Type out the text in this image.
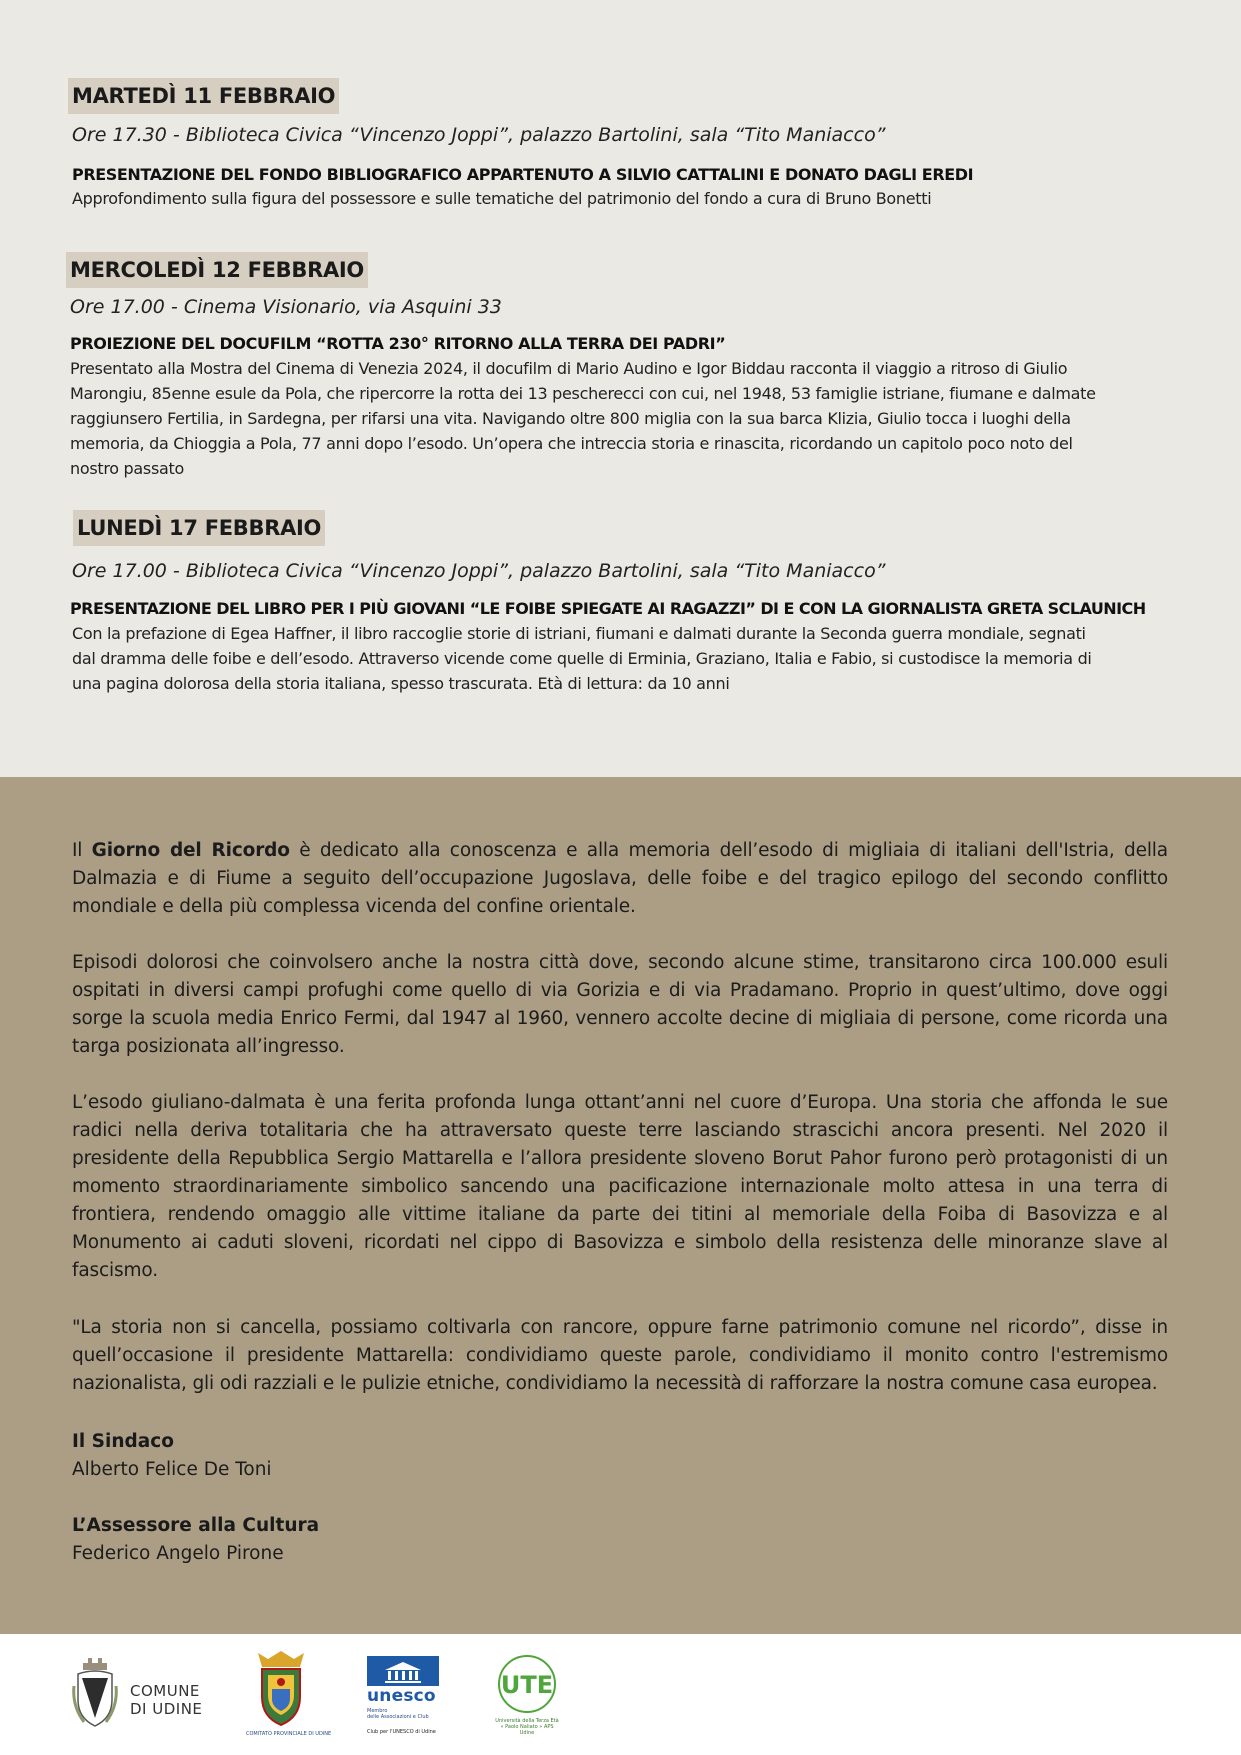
MARTEDÌ 11 FEBBRAIO
Ore 17.30 - Biblioteca Civica “Vincenzo Joppi”, palazzo Bartolini, sala “Tito Maniacco”
PRESENTAZIONE DEL FONDO BIBLIOGRAFICO APPARTENUTO A SILVIO CATTALINI E DONATO DAGLI EREDI
Approfondimento sulla figura del possessore e sulle tematiche del patrimonio del fondo a cura di Bruno Bonetti
MERCOLEDÌ 12 FEBBRAIO
Ore 17.00 - Cinema Visionario, via Asquini 33
PROIEZIONE DEL DOCUFILM “ROTTA 230° RITORNO ALLA TERRA DEI PADRI”
Presentato alla Mostra del Cinema di Venezia 2024, il docufilm di Mario Audino e Igor Biddau racconta il viaggio a ritroso di Giulio
Marongiu, 85enne esule da Pola, che ripercorre la rotta dei 13 pescherecci con cui, nel 1948, 53 famiglie istriane, fiumane e dalmate
raggiunsero Fertilia, in Sardegna, per rifarsi una vita. Navigando oltre 800 miglia con la sua barca Klizia, Giulio tocca i luoghi della
memoria, da Chioggia a Pola, 77 anni dopo l’esodo. Un’opera che intreccia storia e rinascita, ricordando un capitolo poco noto del
nostro passato
LUNEDÌ 17 FEBBRAIO
Ore 17.00 - Biblioteca Civica “Vincenzo Joppi”, palazzo Bartolini, sala “Tito Maniacco”
PRESENTAZIONE DEL LIBRO PER I PIÙ GIOVANI “LE FOIBE SPIEGATE AI RAGAZZI” DI E CON LA GIORNALISTA GRETA SCLAUNICH
Con la prefazione di Egea Haffner, il libro raccoglie storie di istriani, fiumani e dalmati durante la Seconda guerra mondiale, segnati
dal dramma delle foibe e dell’esodo. Attraverso vicende come quelle di Erminia, Graziano, Italia e Fabio, si custodisce la memoria di
una pagina dolorosa della storia italiana, spesso trascurata. Età di lettura: da 10 anni
Il Giorno del Ricordo è dedicato alla conoscenza e alla memoria dell’esodo di migliaia di italiani dell'Istria, della Dalmazia e di Fiume a seguito dell’occupazione Jugoslava, delle foibe e del tragico epilogo del secondo conflitto mondiale e della più complessa vicenda del confine orientale.
Episodi dolorosi che coinvolsero anche la nostra città dove, secondo alcune stime, transitarono circa 100.000 esuli ospitati in diversi campi profughi come quello di via Gorizia e di via Pradamano. Proprio in quest’ultimo, dove oggi sorge la scuola media Enrico Fermi, dal 1947 al 1960, vennero accolte decine di migliaia di persone, come ricorda una targa posizionata all’ingresso.
L’esodo giuliano-dalmata è una ferita profonda lunga ottant’anni nel cuore d’Europa. Una storia che affonda le sue radici nella deriva totalitaria che ha attraversato queste terre lasciando strascichi ancora presenti. Nel 2020 il presidente della Repubblica Sergio Mattarella e l’allora presidente sloveno Borut Pahor furono però protagonisti di un momento straordinariamente simbolico sancendo una pacificazione internazionale molto attesa in una terra di frontiera, rendendo omaggio alle vittime italiane da parte dei titini al memoriale della Foiba di Basovizza e al Monumento ai caduti sloveni, ricordati nel cippo di Basovizza e simbolo della resistenza delle minoranze slave al fascismo.
"La storia non si cancella, possiamo coltivarla con rancore, oppure farne patrimonio comune nel ricordo”, disse in quell’occasione il presidente Mattarella: condividiamo queste parole, condividiamo il monito contro l'estremismo nazionalista, gli odi razziali e le pulizie etniche, condividiamo la necessità di rafforzare la nostra comune casa europea.
Il Sindaco
Alberto Felice De Toni
L’Assessore alla Cultura
Federico Angelo Pirone
COMUNE
DI UDINE
COMITATO PROVINCIALE DI UDINE
unesco
Membro
delle Associazioni e Club
Club per l'UNESCO di Udine
UTE
Università della Terza Età
« Paolo Naliato » APS
Udine
